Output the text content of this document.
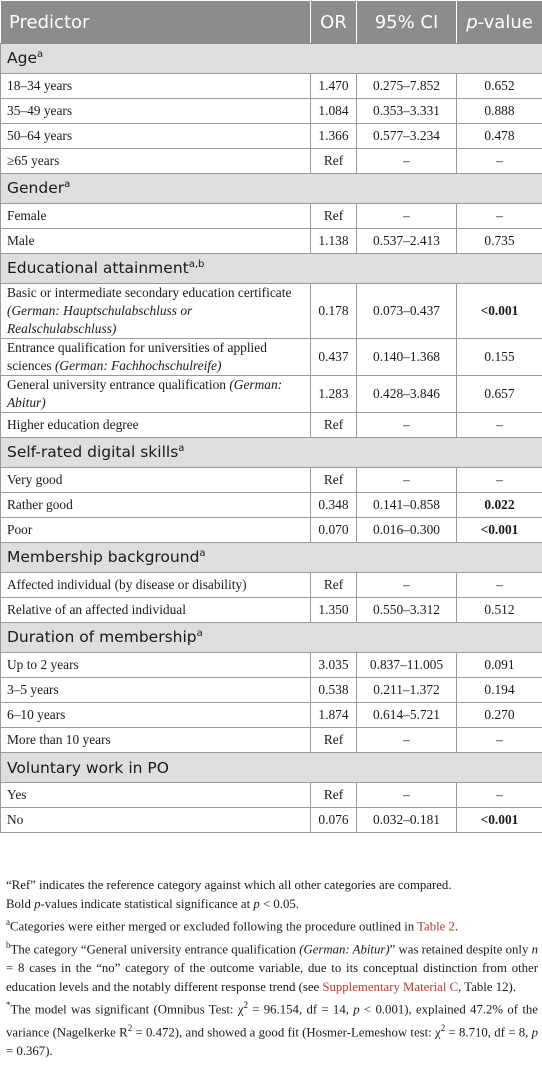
Predictor	OR	95% CI	p-value
Age$^a$
18–34 years	1.470	0.275–7.852	0.652
35–49 years	1.084	0.353–3.331	0.888
50–64 years	1.366	0.577–3.234	0.478
≥65 years	Ref	–	–
Gender$^a$
Female	Ref	–	–
Male	1.138	0.537–2.413	0.735
Educational attainment$^{a,b}$
Basic or intermediate secondary education certificate (German: Hauptschulabschluss or Realschulabschluss)	0.178	0.073–0.437	<0.001
Entrance qualification for universities of applied sciences (German: Fachhochschulreife)	0.437	0.140–1.368	0.155
General university entrance qualification (German: Abitur)	1.283	0.428–3.846	0.657
Higher education degree	Ref	–	–
Self-rated digital skills$^a$
Very good	Ref	–	–
Rather good	0.348	0.141–0.858	0.022
Poor	0.070	0.016–0.300	<0.001
Membership background$^a$
Affected individual (by disease or disability)	Ref	–	–
Relative of an affected individual	1.350	0.550–3.312	0.512
Duration of membership$^a$
Up to 2 years	3.035	0.837–11.005	0.091
3–5 years	0.538	0.211–1.372	0.194
6–10 years	1.874	0.614–5.721	0.270
More than 10 years	Ref	–	–
Voluntary work in PO			
Yes	Ref	–	–
No	0.076	0.032–0.181	<0.001

“Ref” indicates the reference category against which all other categories are compared.

Bold p-values indicate statistical significance at p < 0.05.

$^a$Categories were either merged or excluded following the procedure outlined in Table 2.

$^b$The category “General university entrance qualification (German: Abitur)” was retained despite only n = 8 cases in the “no” category of the outcome variable, due to its conceptual distinction from other education levels and the notably different response trend (see Supplementary Material C, Table 12).

*The model was significant (Omnibus Test: $\chi^2 = 96.154$, df = 14, p < 0.001), explained 47.2% of the variance (Nagelkerke $R^2 = 0.472$), and showed a good fit (Hosmer-Lemeshow test: $\chi^2 = 8.710$, df = 8, p = 0.367).
